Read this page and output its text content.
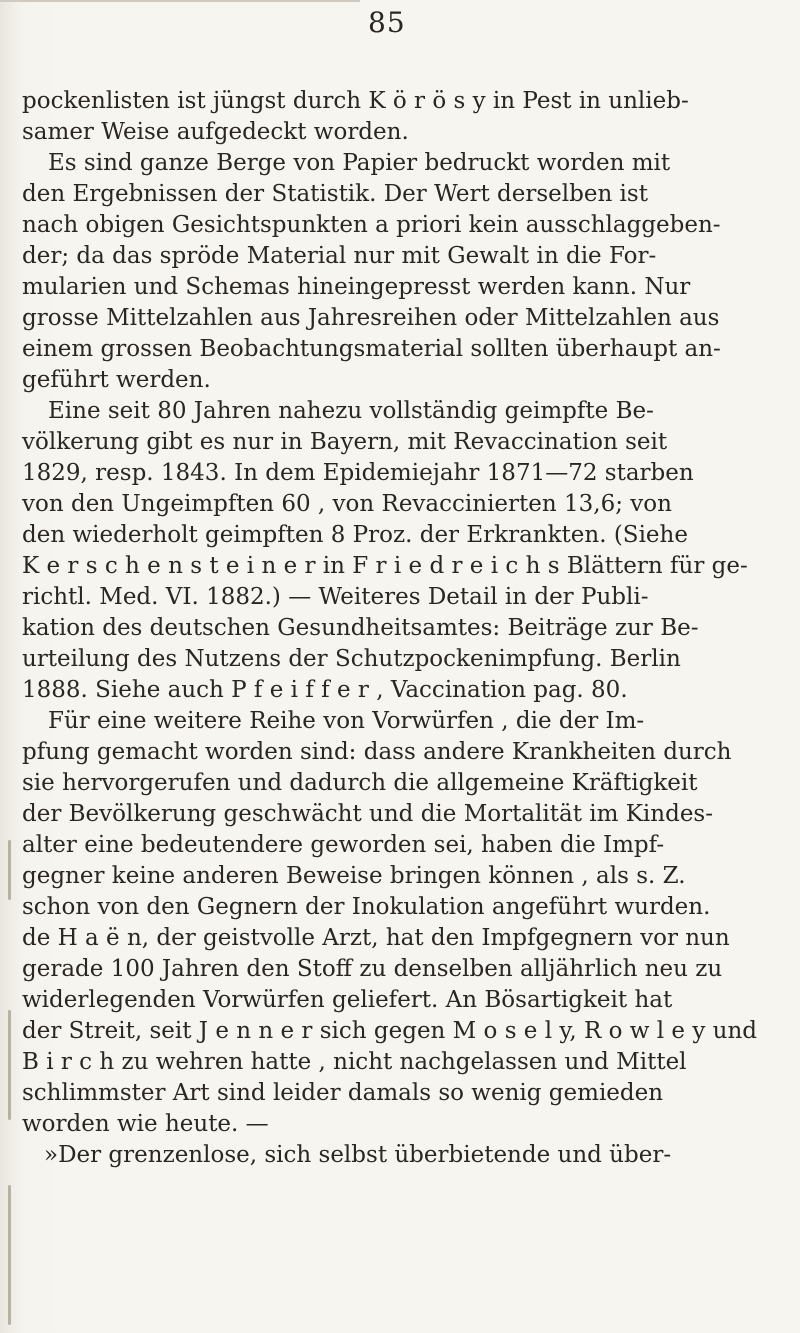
85
pockenlisten ist jüngst durch K ö r ö s y in Pest in unlieb-
samer Weise aufgedeckt worden.
Es sind ganze Berge von Papier bedruckt worden mit
den Ergebnissen der Statistik. Der Wert derselben ist
nach obigen Gesichtspunkten a priori kein ausschlaggeben-
der; da das spröde Material nur mit Gewalt in die For-
mularien und Schemas hineingepresst werden kann. Nur
grosse Mittelzahlen aus Jahresreihen oder Mittelzahlen aus
einem grossen Beobachtungsmaterial sollten überhaupt an-
geführt werden.
Eine seit 80 Jahren nahezu vollständig geimpfte Be-
völkerung gibt es nur in Bayern, mit Revaccination seit
1829, resp. 1843. In dem Epidemiejahr 1871—72 starben
von den Ungeimpften 60 , von Revaccinierten 13,6; von
den wiederholt geimpften 8 Proz. der Erkrankten. (Siehe
K e r s c h e n s t e i n e r in F r i e d r e i c h s Blättern für ge-
richtl. Med. VI. 1882.) — Weiteres Detail in der Publi-
kation des deutschen Gesundheitsamtes: Beiträge zur Be-
urteilung des Nutzens der Schutzpockenimpfung. Berlin
1888. Siehe auch P f e i f f e r , Vaccination pag. 80.
Für eine weitere Reihe von Vorwürfen , die der Im-
pfung gemacht worden sind: dass andere Krankheiten durch
sie hervorgerufen und dadurch die allgemeine Kräftigkeit
der Bevölkerung geschwächt und die Mortalität im Kindes-
alter eine bedeutendere geworden sei, haben die Impf-
gegner keine anderen Beweise bringen können , als s. Z.
schon von den Gegnern der Inokulation angeführt wurden.
de H a ë n, der geistvolle Arzt, hat den Impfgegnern vor nun
gerade 100 Jahren den Stoff zu denselben alljährlich neu zu
widerlegenden Vorwürfen geliefert. An Bösartigkeit hat
der Streit, seit J e n n e r sich gegen M o s e l y, R o w l e y und
B i r c h zu wehren hatte , nicht nachgelassen und Mittel
schlimmster Art sind leider damals so wenig gemieden
worden wie heute. —
»Der grenzenlose, sich selbst überbietende und über-
